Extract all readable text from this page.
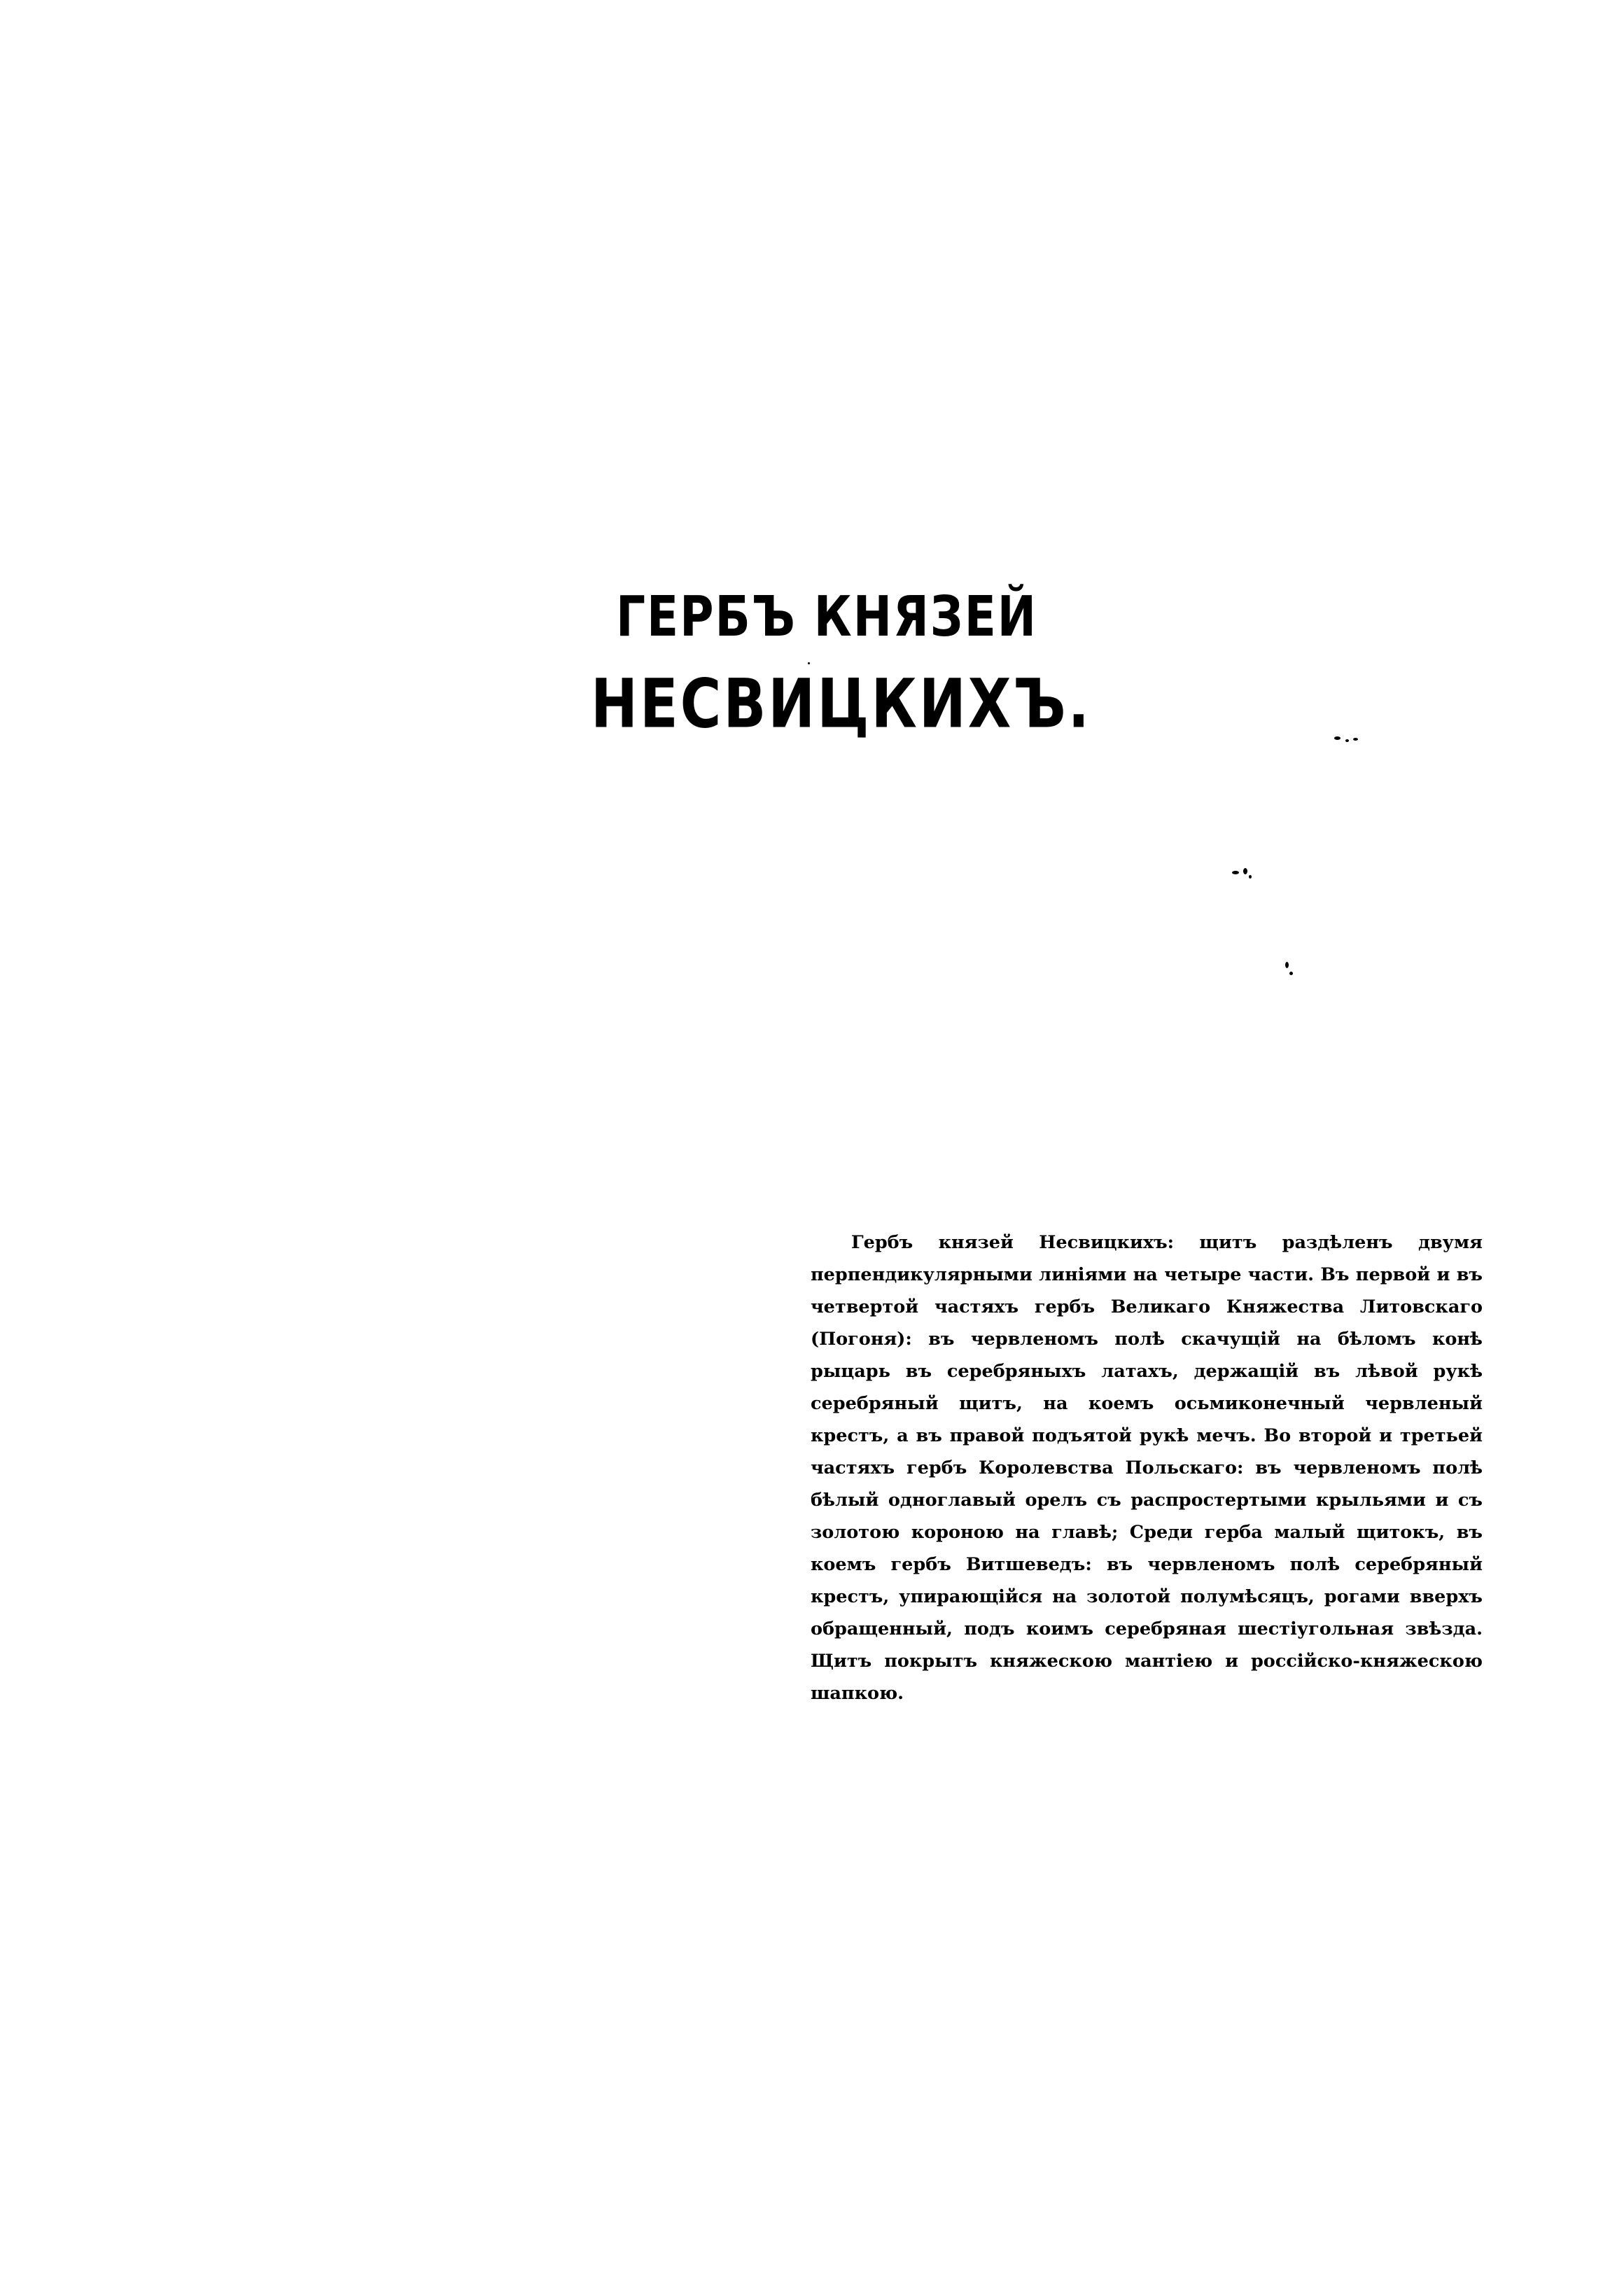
ГЕРБЪ КНЯЗЕЙ
НЕСВИЦКИХЪ.

Гербъ князей Несвицкихъ: щитъ раздѣленъ двумя перпендикулярными линіями на четыре части. Въ первой и въ четвертой частяхъ гербъ Великаго Княжества Литовскаго (Погоня): въ червленомъ полѣ скачущій на бѣломъ конѣ рыцарь въ серебряныхъ латахъ, держащій въ лѣвой рукѣ серебряный щитъ, на коемъ осьмиконечный червленый крестъ, а въ правой подъятой рукѣ мечъ. Во второй и третьей частяхъ гербъ Королевства Польскаго: въ червленомъ полѣ бѣлый одноглавый орелъ съ распростертыми крыльями и съ золотою короною на главѣ; Среди герба малый щитокъ, въ коемъ гербъ Витшеведъ: въ червленомъ полѣ серебряный крестъ, упирающійся на золотой полумѣсяцъ, рогами вверхъ обращенный, подъ коимъ серебряная шестіугольная звѣзда. Щитъ покрытъ княжескою мантіею и россійско-княжескою шапкою.
